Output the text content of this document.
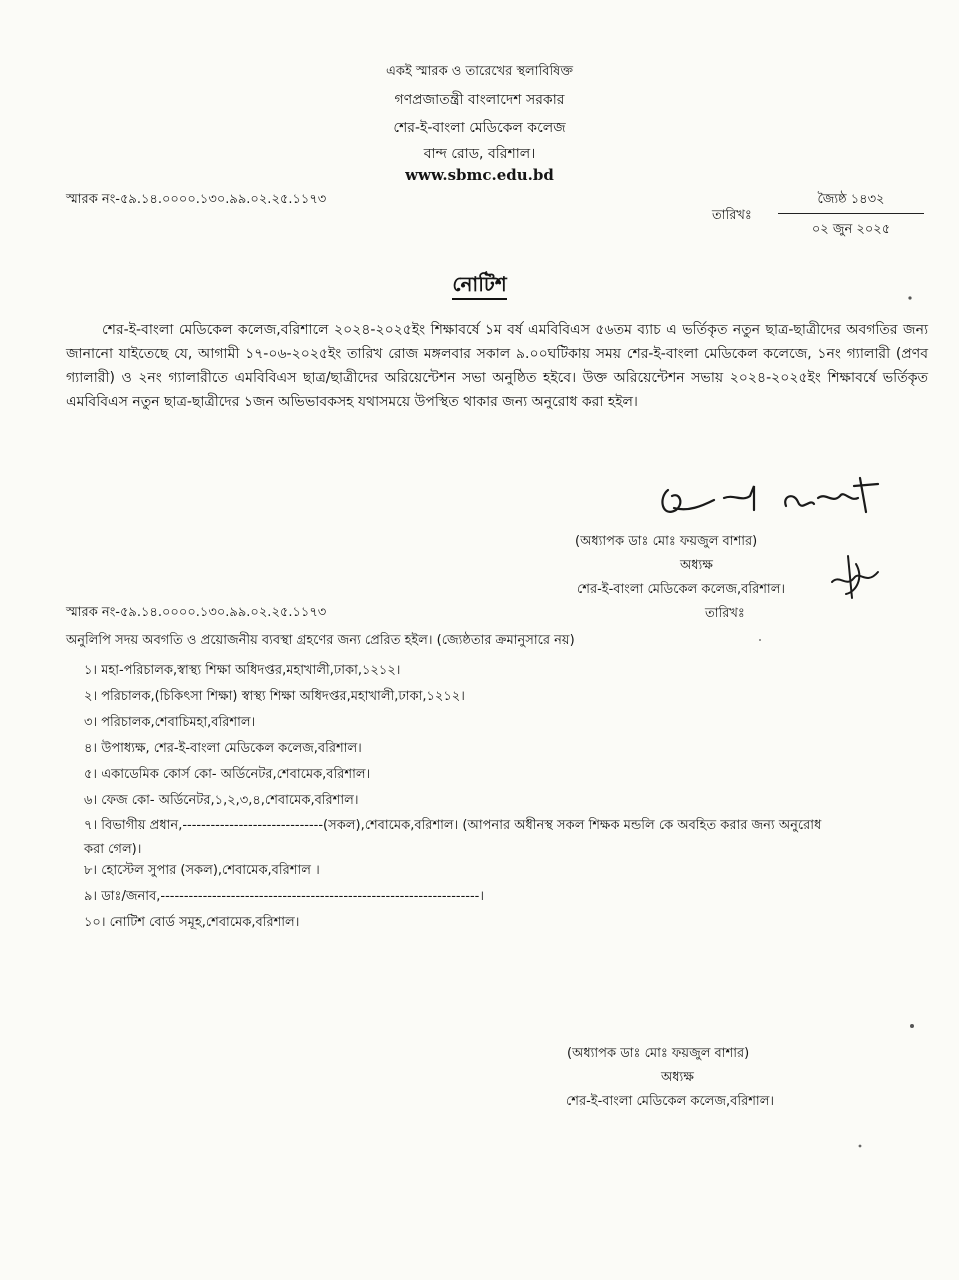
একই স্মারক ও তারেখের স্থলাবিষিক্ত
গণপ্রজাতন্ত্রী বাংলাদেশ সরকার
শের-ই-বাংলা মেডিকেল কলেজ
বান্দ রোড, বরিশাল।
www.sbmc.edu.bd
স্মারক নং-৫৯.১৪.০০০০.১৩০.৯৯.০২.২৫.১১৭৩
তারিখঃ
জ্যৈষ্ঠ ১৪৩২
০২ জুন ২০২৫
নোটিশ
শের-ই-বাংলা মেডিকেল কলেজ,বরিশালে ২০২৪-২০২৫ইং শিক্ষাবর্ষে ১ম বর্ষ এমবিবিএস ৫৬তম ব্যাচ এ ভর্তিকৃত নতুন ছাত্র-ছাত্রীদের অবগতির জন্য জানানো যাইতেছে যে, আগামী ১৭-০৬-২০২৫ইং তারিখ রোজ মঙ্গলবার সকাল ৯.০০ঘটিকায় সময় শের-ই-বাংলা মেডিকেল কলেজে, ১নং গ্যালারী (প্রণব গ্যালারী) ও ২নং গ্যালারীতে এমবিবিএস ছাত্র/ছাত্রীদের অরিয়েন্টেশন সভা অনুষ্ঠিত হইবে। উক্ত অরিয়েন্টেশন সভায় ২০২৪-২০২৫ইং শিক্ষাবর্ষে ভর্তিকৃত এমবিবিএস নতুন ছাত্র-ছাত্রীদের ১জন অভিভাবকসহ যথাসময়ে উপস্থিত থাকার জন্য অনুরোধ করা হইল।
(অধ্যাপক ডাঃ মোঃ ফয়জুল বাশার)
অধ্যক্ষ
শের-ই-বাংলা মেডিকেল কলেজ,বরিশাল।
স্মারক নং-৫৯.১৪.০০০০.১৩০.৯৯.০২.২৫.১১৭৩	তারিখঃ
অনুলিপি সদয় অবগতি ও প্রয়োজনীয় ব্যবস্থা গ্রহণের জন্য প্রেরিত হইল। (জ্যেষ্ঠতার ক্রমানুসারে নয়)
১। মহা-পরিচালক,স্বাস্থ্য শিক্ষা অধিদপ্তর,মহাখালী,ঢাকা,১২১২।
২। পরিচালক,(চিকিৎসা শিক্ষা) স্বাস্থ্য শিক্ষা অধিদপ্তর,মহাখালী,ঢাকা,১২১২।
৩। পরিচালক,শেবাচিমহা,বরিশাল।
৪। উপাধ্যক্ষ, শের-ই-বাংলা মেডিকেল কলেজ,বরিশাল।
৫। একাডেমিক কোর্স কো- অর্ডিনেটর,শেবামেক,বরিশাল।
৬। ফেজ কো- অর্ডিনেটর,১,২,৩,৪,শেবামেক,বরিশাল।
৭। বিভাগীয় প্রধান,------------------------------(সকল),শেবামেক,বরিশাল। (আপনার অধীনস্থ সকল শিক্ষক মন্ডলি কে অবহিত করার জন্য অনুরোধ করা গেল)।
৮। হোস্টেল সুপার (সকল),শেবামেক,বরিশাল ।
৯। ডাঃ/জনাব,--------------------------------------------------------------------।
১০। নোটিশ বোর্ড সমূহ,শেবামেক,বরিশাল।
(অধ্যাপক ডাঃ মোঃ ফয়জুল বাশার)
অধ্যক্ষ
শের-ই-বাংলা মেডিকেল কলেজ,বরিশাল।
